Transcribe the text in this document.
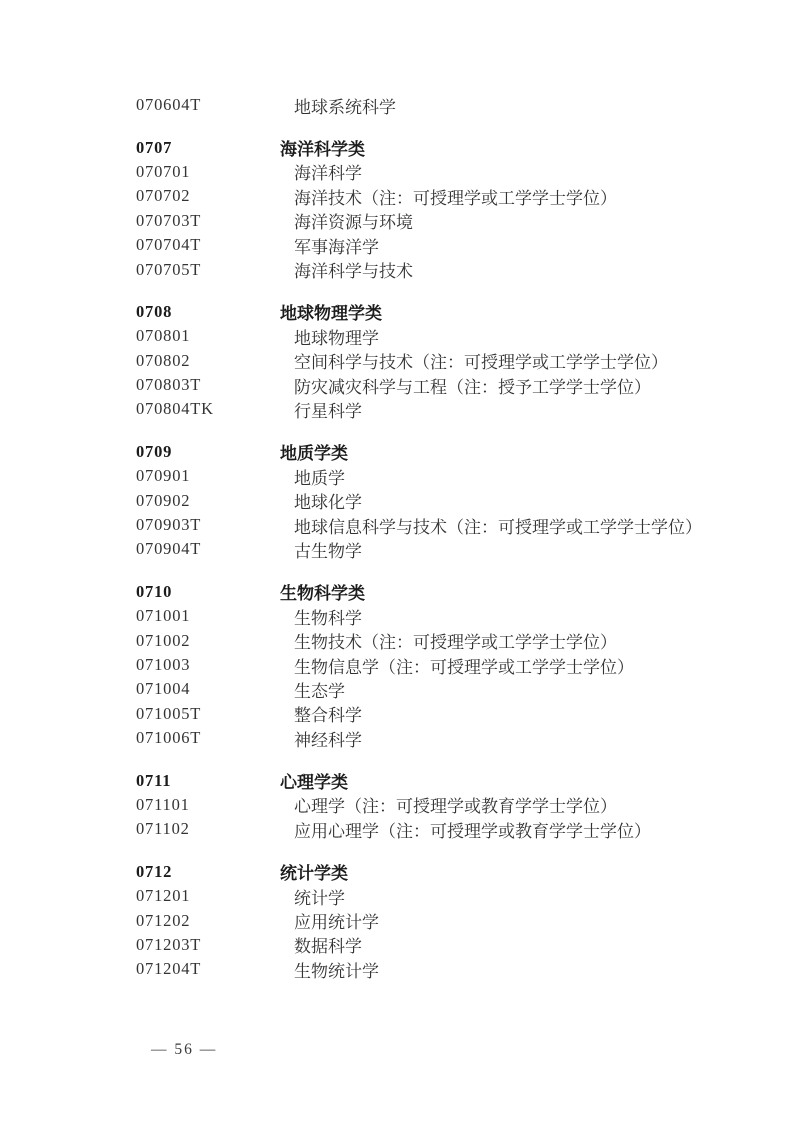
070604T	地球系统科学
0707	海洋科学类
070701	海洋科学
070702	海洋技术（注：可授理学或工学学士学位）
070703T	海洋资源与环境
070704T	军事海洋学
070705T	海洋科学与技术
0708	地球物理学类
070801	地球物理学
070802	空间科学与技术（注：可授理学或工学学士学位）
070803T	防灾减灾科学与工程（注：授予工学学士学位）
070804TK	行星科学
0709	地质学类
070901	地质学
070902	地球化学
070903T	地球信息科学与技术（注：可授理学或工学学士学位）
070904T	古生物学
0710	生物科学类
071001	生物科学
071002	生物技术（注：可授理学或工学学士学位）
071003	生物信息学（注：可授理学或工学学士学位）
071004	生态学
071005T	整合科学
071006T	神经科学
0711	心理学类
071101	心理学（注：可授理学或教育学学士学位）
071102	应用心理学（注：可授理学或教育学学士学位）
0712	统计学类
071201	统计学
071202	应用统计学
071203T	数据科学
071204T	生物统计学
— 56 —
